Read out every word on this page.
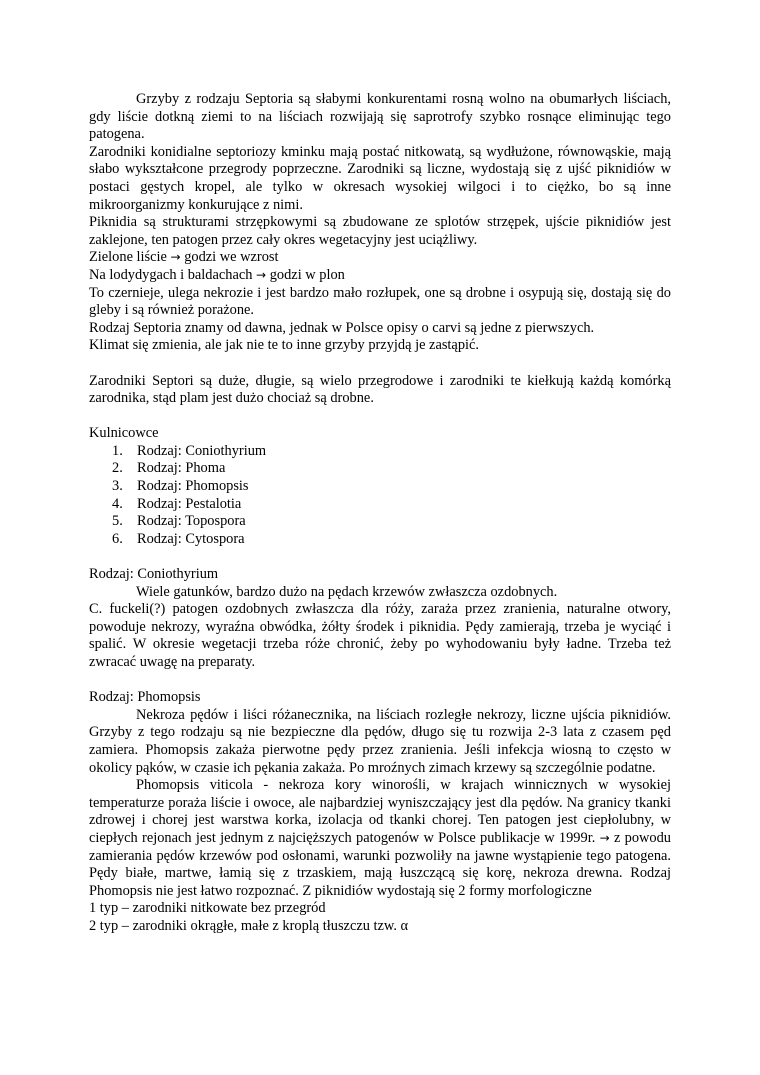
Grzyby z rodzaju Septoria są słabymi konkurentami rosną wolno na obumarłych liściach, gdy liście dotkną ziemi to na liściach rozwijają się saprotrofy szybko rosnące eliminując tego patogena.

Zarodniki konidialne septoriozy kminku mają postać nitkowatą, są wydłużone, równowąskie, mają słabo wykształcone przegrody poprzeczne. Zarodniki są liczne, wydostają się z ujść piknidiów w postaci gęstych kropel, ale tylko w okresach wysokiej wilgoci i to ciężko, bo są inne mikroorganizmy konkurujące z nimi.

Piknidia są strukturami strzępkowymi są zbudowane ze splotów strzępek, ujście piknidiów jest zaklejone, ten patogen przez cały okres wegetacyjny jest uciążliwy.

Zielone liście → godzi we wzrost

Na lodydygach i baldachach → godzi w plon

To czernieje, ulega nekrozie i jest bardzo mało rozłupek, one są drobne i osypują się, dostają się do gleby i są również porażone.

Rodzaj Septoria znamy od dawna, jednak w Polsce opisy o carvi są jedne z pierwszych.

Klimat się zmienia, ale jak nie te to inne grzyby przyjdą je zastąpić.

Zarodniki Septori są duże, długie, są wielo przegrodowe i zarodniki te kiełkują każdą komórką zarodnika, stąd plam jest dużo chociaż są drobne.

Kulnicowce

Rodzaj: Coniothyrium
Rodzaj: Phoma
Rodzaj: Phomopsis
Rodzaj: Pestalotia
Rodzaj: Topospora
Rodzaj: Cytospora

Rodzaj: Coniothyrium

Wiele gatunków, bardzo dużo na pędach krzewów zwłaszcza ozdobnych.

C. fuckeli(?) patogen ozdobnych zwłaszcza dla róży, zaraża przez zranienia, naturalne otwory, powoduje nekrozy, wyraźna obwódka, żółty środek i piknidia. Pędy zamierają, trzeba je wyciąć i spalić. W okresie wegetacji trzeba róże chronić, żeby po wyhodowaniu były ładne. Trzeba też zwracać uwagę na preparaty.

Rodzaj: Phomopsis

Nekroza pędów i liści różanecznika, na liściach rozległe nekrozy, liczne ujścia piknidiów. Grzyby z tego rodzaju są nie bezpieczne dla pędów, długo się tu rozwija 2-3 lata z czasem pęd zamiera. Phomopsis zakaża pierwotne pędy przez zranienia. Jeśli infekcja wiosną to często w okolicy pąków, w czasie ich pękania zakaża. Po mroźnych zimach krzewy są szczególnie podatne.

Phomopsis viticola - nekroza kory winorośli, w krajach winnicznych w wysokiej temperaturze poraża liście i owoce, ale najbardziej wyniszczający jest dla pędów. Na granicy tkanki zdrowej i chorej jest warstwa korka, izolacja od tkanki chorej. Ten patogen jest ciepłolubny, w ciepłych rejonach jest jednym z najcięższych patogenów w Polsce publikacje w 1999r. → z powodu zamierania pędów krzewów pod osłonami, warunki pozwoliły na jawne wystąpienie tego patogena. Pędy białe, martwe, łamią się z trzaskiem, mają łuszczącą się korę, nekroza drewna. Rodzaj Phomopsis nie jest łatwo rozpoznać. Z piknidiów wydostają się 2 formy morfologiczne

1 typ – zarodniki nitkowate bez przegród

2 typ – zarodniki okrągłe, małe z kroplą tłuszczu tzw. α
